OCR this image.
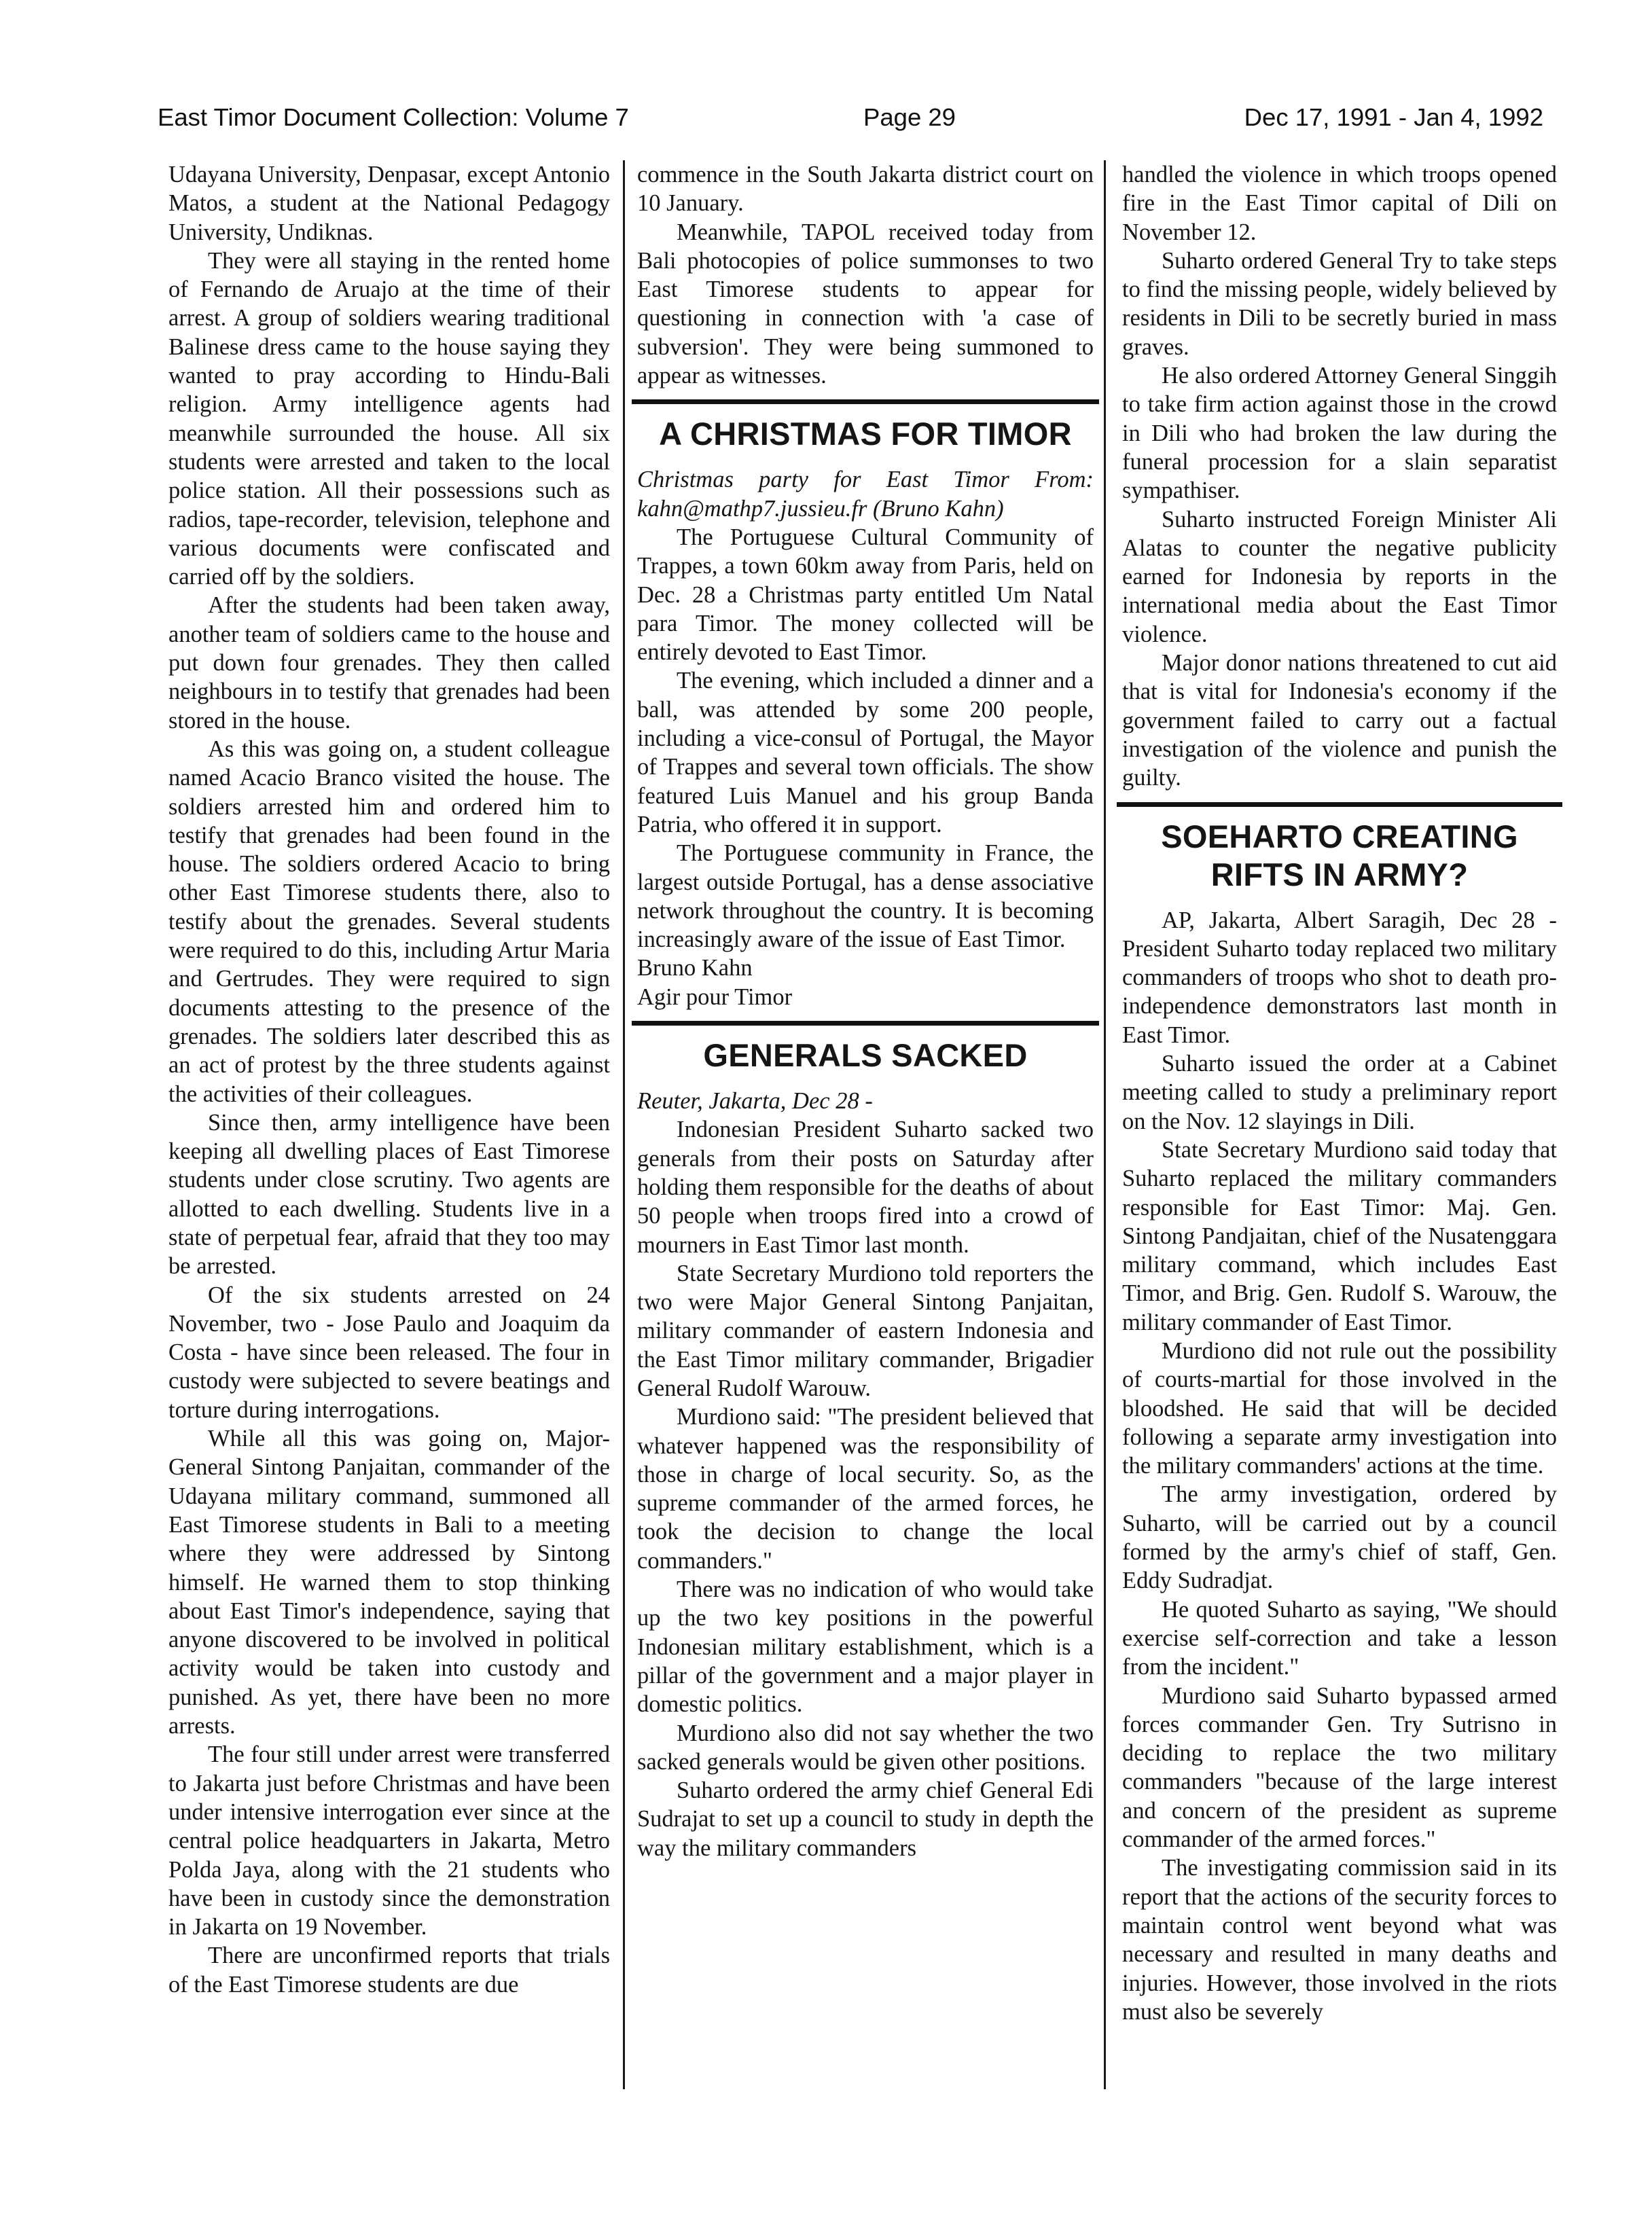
East Timor Document Collection: Volume 7	Page 29	Dec 17, 1991 - Jan 4, 1992

Udayana University, Denpasar, except Antonio Matos, a student at the National Pedagogy University, Undiknas.

They were all staying in the rented home of Fernando de Aruajo at the time of their arrest. A group of soldiers wearing traditional Balinese dress came to the house saying they wanted to pray according to Hindu-Bali religion. Army intelligence agents had meanwhile surrounded the house. All six students were arrested and taken to the local police station. All their possessions such as radios, tape-recorder, television, telephone and various documents were confiscated and carried off by the soldiers.

After the students had been taken away, another team of soldiers came to the house and put down four grenades. They then called neighbours in to testify that grenades had been stored in the house.

As this was going on, a student colleague named Acacio Branco visited the house. The soldiers arrested him and ordered him to testify that grenades had been found in the house. The soldiers ordered Acacio to bring other East Timorese students there, also to testify about the grenades. Several students were required to do this, including Artur Maria and Gertrudes. They were required to sign documents attesting to the presence of the grenades. The soldiers later described this as an act of protest by the three students against the activities of their colleagues.

Since then, army intelligence have been keeping all dwelling places of East Timorese students under close scrutiny. Two agents are allotted to each dwelling. Students live in a state of perpetual fear, afraid that they too may be arrested.

Of the six students arrested on 24 November, two - Jose Paulo and Joaquim da Costa - have since been released. The four in custody were subjected to severe beatings and torture during interrogations.

While all this was going on, Major-General Sintong Panjaitan, commander of the Udayana military command, summoned all East Timorese students in Bali to a meeting where they were addressed by Sintong himself. He warned them to stop thinking about East Timor's independence, saying that anyone discovered to be involved in political activity would be taken into custody and punished. As yet, there have been no more arrests.

The four still under arrest were transferred to Jakarta just before Christmas and have been under intensive interrogation ever since at the central police headquarters in Jakarta, Metro Polda Jaya, along with the 21 students who have been in custody since the demonstration in Jakarta on 19 November.

There are unconfirmed reports that trials of the East Timorese students are due

commence in the South Jakarta district court on 10 January.

Meanwhile, TAPOL received today from Bali photocopies of police summonses to two East Timorese students to appear for questioning in connection with 'a case of subversion'. They were being summoned to appear as witnesses.

A CHRISTMAS FOR TIMOR

Christmas party for East Timor From: kahn@mathp7.jussieu.fr (Bruno Kahn)

The Portuguese Cultural Community of Trappes, a town 60km away from Paris, held on Dec. 28 a Christmas party entitled Um Natal para Timor. The money collected will be entirely devoted to East Timor.

The evening, which included a dinner and a ball, was attended by some 200 people, including a vice-consul of Portugal, the Mayor of Trappes and several town officials. The show featured Luis Manuel and his group Banda Patria, who offered it in support.

The Portuguese community in France, the largest outside Portugal, has a dense associative network throughout the country. It is becoming increasingly aware of the issue of East Timor.

Bruno Kahn

Agir pour Timor

GENERALS SACKED

Reuter, Jakarta, Dec 28 -

Indonesian President Suharto sacked two generals from their posts on Saturday after holding them responsible for the deaths of about 50 people when troops fired into a crowd of mourners in East Timor last month.

State Secretary Murdiono told reporters the two were Major General Sintong Panjaitan, military commander of eastern Indonesia and the East Timor military commander, Brigadier General Rudolf Warouw.

Murdiono said: "The president believed that whatever happened was the responsibility of those in charge of local security. So, as the supreme commander of the armed forces, he took the decision to change the local commanders."

There was no indication of who would take up the two key positions in the powerful Indonesian military establishment, which is a pillar of the government and a major player in domestic politics.

Murdiono also did not say whether the two sacked generals would be given other positions.

Suharto ordered the army chief General Edi Sudrajat to set up a council to study in depth the way the military commanders

handled the violence in which troops opened fire in the East Timor capital of Dili on November 12.

Suharto ordered General Try to take steps to find the missing people, widely believed by residents in Dili to be secretly buried in mass graves.

He also ordered Attorney General Singgih to take firm action against those in the crowd in Dili who had broken the law during the funeral procession for a slain separatist sympathiser.

Suharto instructed Foreign Minister Ali Alatas to counter the negative publicity earned for Indonesia by reports in the international media about the East Timor violence.

Major donor nations threatened to cut aid that is vital for Indonesia's economy if the government failed to carry out a factual investigation of the violence and punish the guilty.

SOEHARTO CREATING RIFTS IN ARMY?

AP, Jakarta, Albert Saragih, Dec 28 - President Suharto today replaced two military commanders of troops who shot to death pro-independence demonstrators last month in East Timor.

Suharto issued the order at a Cabinet meeting called to study a preliminary report on the Nov. 12 slayings in Dili.

State Secretary Murdiono said today that Suharto replaced the military commanders responsible for East Timor: Maj. Gen. Sintong Pandjaitan, chief of the Nusatenggara military command, which includes East Timor, and Brig. Gen. Rudolf S. Warouw, the military commander of East Timor.

Murdiono did not rule out the possibility of courts-martial for those involved in the bloodshed. He said that will be decided following a separate army investigation into the military commanders' actions at the time.

The army investigation, ordered by Suharto, will be carried out by a council formed by the army's chief of staff, Gen. Eddy Sudradjat.

He quoted Suharto as saying, "We should exercise self-correction and take a lesson from the incident."

Murdiono said Suharto bypassed armed forces commander Gen. Try Sutrisno in deciding to replace the two military commanders "because of the large interest and concern of the president as supreme commander of the armed forces."

The investigating commission said in its report that the actions of the security forces to maintain control went beyond what was necessary and resulted in many deaths and injuries. However, those involved in the riots must also be severely
